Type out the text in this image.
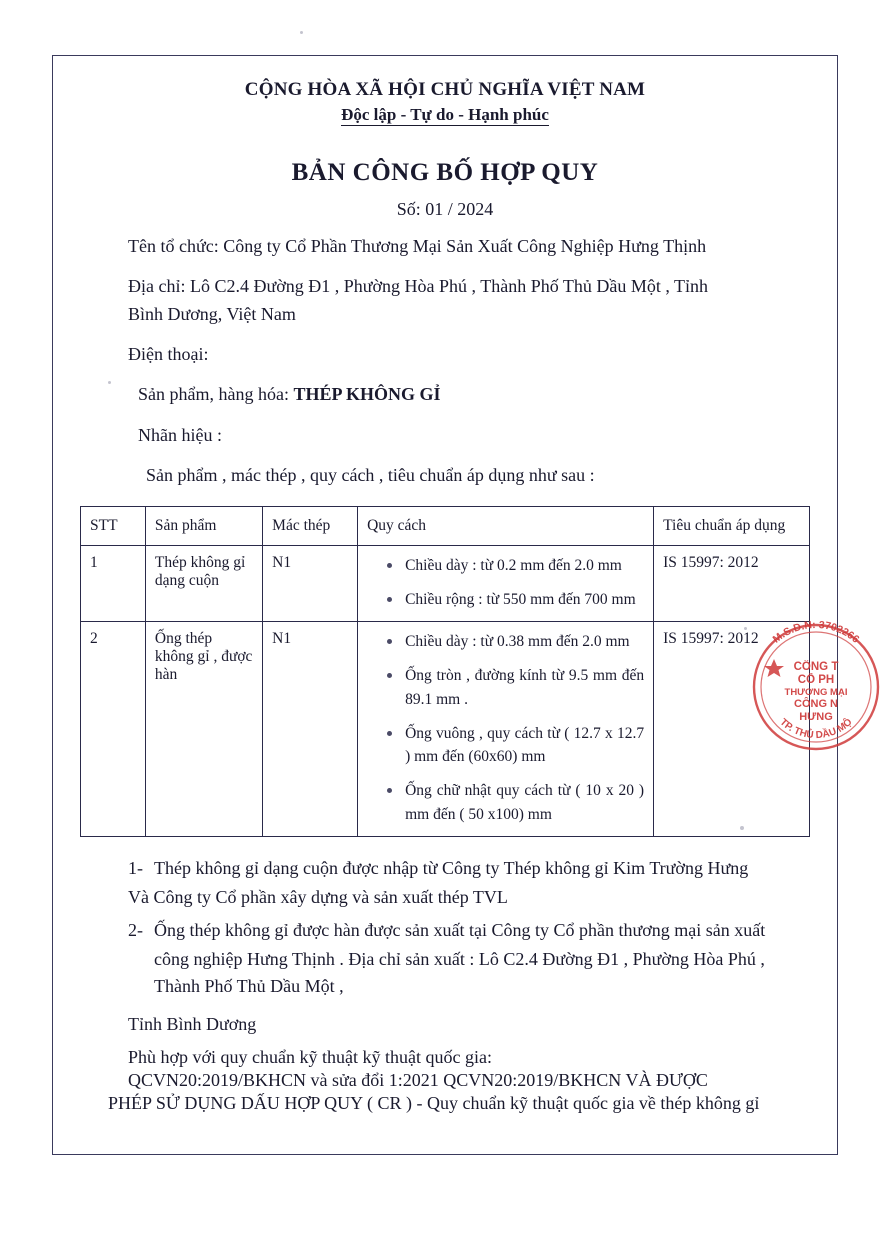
CỘNG HÒA XÃ HỘI CHỦ NGHĨA VIỆT NAM
Độc lập - Tự do - Hạnh phúc
BẢN CÔNG BỐ HỢP QUY
Số: 01 / 2024
Tên tổ chức: Công ty Cổ Phần Thương Mại Sản Xuất Công Nghiệp Hưng Thịnh
Địa chỉ: Lô C2.4 Đường Đ1 , Phường Hòa Phú , Thành Phố Thủ Dầu Một , Tỉnh
Bình Dương, Việt Nam
Điện thoại:
Sản phẩm, hàng hóa: THÉP KHÔNG GỈ
Nhãn hiệu :
Sản phẩm , mác thép , quy cách , tiêu chuẩn áp dụng như sau :
STT	Sản phẩm	Mác thép	Quy cách	Tiêu chuẩn áp dụng
1	Thép không gỉ dạng cuộn	N1	Chiều dày : từ 0.2 mm đến 2.0 mm
Chiều rộng : từ 550 mm đến 700 mm
	IS 15997: 2012
2	Ống thép không gỉ , được hàn	N1	Chiều dày : từ 0.38 mm đến 2.0 mm
Ống tròn , đường kính từ 9.5 mm đến 89.1 mm .
Ống vuông , quy cách từ ( 12.7 x 12.7 ) mm đến (60x60) mm
Ống chữ nhật quy cách từ ( 10 x 20 ) mm đến ( 50 x100) mm
	IS 15997: 2012
1- Thép không gỉ dạng cuộn được nhập từ Công ty Thép không gỉ Kim Trường Hưng
Và Công ty Cổ phần xây dựng và sản xuất thép TVL
2- Ống thép không gỉ được hàn được sản xuất tại Công ty Cổ phần thương mại sản xuất
công nghiệp Hưng Thịnh . Địa chỉ sản xuất : Lô C2.4 Đường Đ1 , Phường Hòa Phú ,
Thành Phố Thủ Dầu Một ,
Tỉnh Bình Dương
Phù hợp với quy chuẩn kỹ thuật kỹ thuật quốc gia:
QCVN20:2019/BKHCN và sửa đổi 1:2021 QCVN20:2019/BKHCN VÀ ĐƯỢC
PHÉP SỬ DỤNG DẤU HỢP QUY ( CR ) - Quy chuẩn kỹ thuật quốc gia về thép không gỉ
M.S.D.N: 3702266
TP. THỦ DẦU MỘ
CÔNG T
CỔ PH
THƯƠNG MẠI
CÔNG N
HƯNG
